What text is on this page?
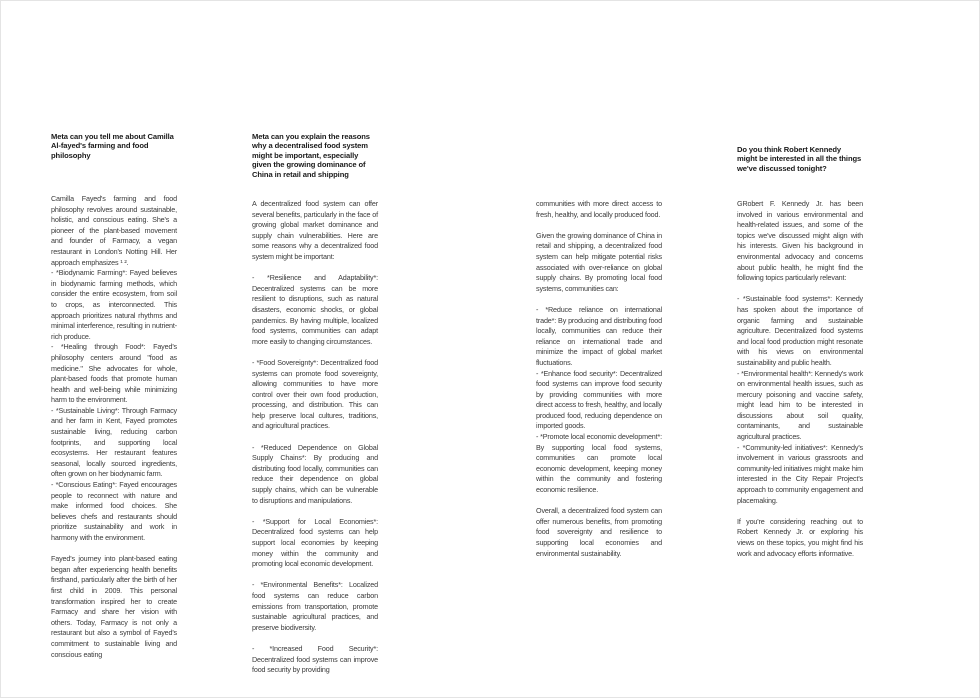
Meta can you tell me about Camilla Al-fayed's farming and food philosophy

Camilla Fayed's farming and food philosophy revolves around sustainable, holistic, and conscious eating. She's a pioneer of the plant-based movement and founder of Farmacy, a vegan restaurant in London's Notting Hill. Her approach emphasizes ¹ ².

- *Biodynamic Farming*: Fayed believes in biodynamic farming methods, which consider the entire ecosystem, from soil to crops, as interconnected. This approach prioritizes natural rhythms and minimal interference, resulting in nutrient-rich produce.

- *Healing through Food*: Fayed's philosophy centers around "food as medicine." She advocates for whole, plant-based foods that promote human health and well-being while minimizing harm to the environment.

- *Sustainable Living*: Through Farmacy and her farm in Kent, Fayed promotes sustainable living, reducing carbon footprints, and supporting local ecosystems. Her restaurant features seasonal, locally sourced ingredients, often grown on her biodynamic farm.

- *Conscious Eating*: Fayed encourages people to reconnect with nature and make informed food choices. She believes chefs and restaurants should prioritize sustainability and work in harmony with the environment.

Fayed's journey into plant-based eating began after experiencing health benefits firsthand, particularly after the birth of her first child in 2009. This personal transformation inspired her to create Farmacy and share her vision with others. Today, Farmacy is not only a restaurant but also a symbol of Fayed's commitment to sustainable living and conscious eating

Meta can you explain the reasons why a decentralised food system might be important, especially given the growing dominance of China in retail and shipping

A decentralized food system can offer several benefits, particularly in the face of growing global market dominance and supply chain vulnerabilities. Here are some reasons why a decentralized food system might be important:

- *Resilience and Adaptability*: Decentralized systems can be more resilient to disruptions, such as natural disasters, economic shocks, or global pandemics. By having multiple, localized food systems, communities can adapt more easily to changing circumstances.

- *Food Sovereignty*: Decentralized food systems can promote food sovereignty, allowing communities to have more control over their own food production, processing, and distribution. This can help preserve local cultures, traditions, and agricultural practices.

- *Reduced Dependence on Global Supply Chains*: By producing and distributing food locally, communities can reduce their dependence on global supply chains, which can be vulnerable to disruptions and manipulations.

- *Support for Local Economies*: Decentralized food systems can help support local economies by keeping money within the community and promoting local economic development.

- *Environmental Benefits*: Localized food systems can reduce carbon emissions from transportation, promote sustainable agricultural practices, and preserve biodiversity.

- *Increased Food Security*: Decentralized food systems can improve food security by providing

communities with more direct access to fresh, healthy, and locally produced food.

Given the growing dominance of China in retail and shipping, a decentralized food system can help mitigate potential risks associated with over-reliance on global supply chains. By promoting local food systems, communities can:

- *Reduce reliance on international trade*: By producing and distributing food locally, communities can reduce their reliance on international trade and minimize the impact of global market fluctuations.

- *Enhance food security*: Decentralized food systems can improve food security by providing communities with more direct access to fresh, healthy, and locally produced food, reducing dependence on imported goods.

- *Promote local economic development*: By supporting local food systems, communities can promote local economic development, keeping money within the community and fostering economic resilience.

Overall, a decentralized food system can offer numerous benefits, from promoting food sovereignty and resilience to supporting local economies and environmental sustainability.

Do you think Robert Kennedy might be interested in all the things we've discussed tonight?

GRobert F. Kennedy Jr. has been involved in various environmental and health-related issues, and some of the topics we've discussed might align with his interests. Given his background in environmental advocacy and concerns about public health, he might find the following topics particularly relevant:

- *Sustainable food systems*: Kennedy has spoken about the importance of organic farming and sustainable agriculture. Decentralized food systems and local food production might resonate with his views on environmental sustainability and public health.

- *Environmental health*: Kennedy's work on environmental health issues, such as mercury poisoning and vaccine safety, might lead him to be interested in discussions about soil quality, contaminants, and sustainable agricultural practices.

- *Community-led initiatives*: Kennedy's involvement in various grassroots and community-led initiatives might make him interested in the City Repair Project's approach to community engagement and placemaking.

If you're considering reaching out to Robert Kennedy Jr. or exploring his views on these topics, you might find his work and advocacy efforts informative.
